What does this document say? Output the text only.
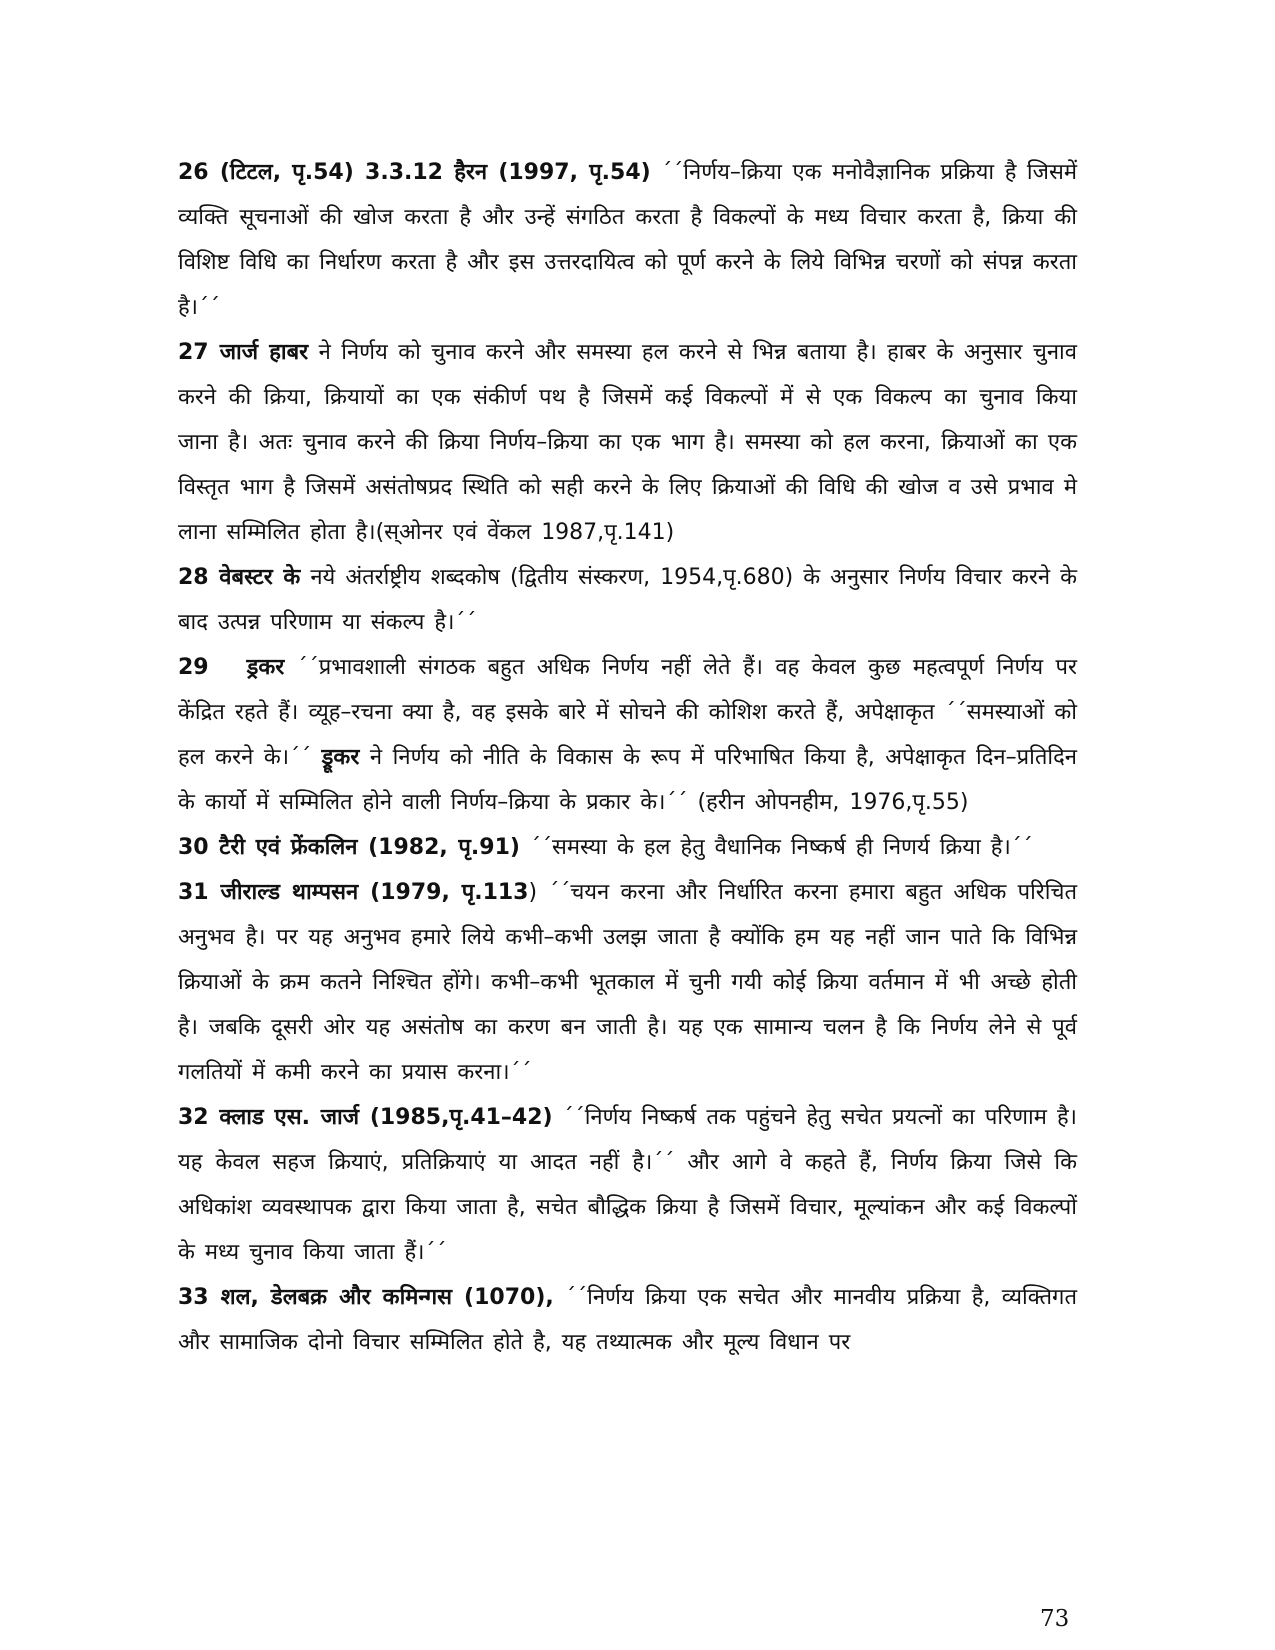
26 (टिटल, पृ.54) 3.3.12 हैरन (1997, पृ.54) ´´निर्णय–क्रिया एक मनोवैज्ञानिक प्रक्रिया है जिसमें व्यक्ति सूचनाओं की खोज करता है और उन्हें संगठित करता है विकल्पों के मध्य विचार करता है, क्रिया की विशिष्ट विधि का निर्धारण करता है और इस उत्तरदायित्व को पूर्ण करने के लिये विभिन्न चरणों को संपन्न करता है।´´

27 जार्ज हाबर ने निर्णय को चुनाव करने और समस्या हल करने से भिन्न बताया है। हाबर के अनुसार चुनाव करने की क्रिया, क्रियायों का एक संकीर्ण पथ है जिसमें कई विकल्पों में से एक विकल्प का चुनाव किया जाना है। अतः चुनाव करने की क्रिया निर्णय–क्रिया का एक भाग है। समस्या को हल करना, क्रियाओं का एक विस्तृत भाग है जिसमें असंतोषप्रद स्थिति को सही करने के लिए क्रियाओं की विधि की खोज व उसे प्रभाव मे लाना सम्मिलित होता है।(स्ओनर एवं वेंकल 1987,पृ.141)

28 वेबस्टर के नये अंतर्राष्ट्रीय शब्दकोष (द्वितीय संस्करण, 1954,पृ.680) के अनुसार निर्णय विचार करने के बाद उत्पन्न परिणाम या संकल्प है।´´

29 ड्रकर ´´प्रभावशाली संगठक बहुत अधिक निर्णय नहीं लेते हैं। वह केवल कुछ महत्वपूर्ण निर्णय पर केंद्रित रहते हैं। व्यूह–रचना क्या है, वह इसके बारे में सोचने की कोशिश करते हैं, अपेक्षाकृत ´´समस्याओं को हल करने के।´´ ड्रूकर ने निर्णय को नीति के विकास के रूप में परिभाषित किया है, अपेक्षाकृत दिन–प्रतिदिन के कार्यो में सम्मिलित होने वाली निर्णय–क्रिया के प्रकार के।´´ (हरीन ओपनहीम, 1976,पृ.55)

30 टैरी एवं फ्रेंकलिन (1982, पृ.91) ´´समस्या के हल हेतु वैधानिक निष्कर्ष ही निणर्य क्रिया है।´´

31 जीराल्ड थाम्पसन (1979, पृ.113) ´´चयन करना और निर्धारित करना हमारा बहुत अधिक परिचित अनुभव है। पर यह अनुभव हमारे लिये कभी–कभी उलझ जाता है क्योंकि हम यह नहीं जान पाते कि विभिन्न क्रियाओं के क्रम कतने निश्चित होंगे। कभी–कभी भूतकाल में चुनी गयी कोई क्रिया वर्तमान में भी अच्छे होती है। जबकि दूसरी ओर यह असंतोष का करण बन जाती है। यह एक सामान्य चलन है कि निर्णय लेने से पूर्व गलतियों में कमी करने का प्रयास करना।´´

32 क्लाड एस. जार्ज (1985,पृ.41–42) ´´निर्णय निष्कर्ष तक पहुंचने हेतु सचेत प्रयत्नों का परिणाम है। यह केवल सहज क्रियाएं, प्रतिक्रियाएं या आदत नहीं है।´´ और आगे वे कहते हैं, निर्णय क्रिया जिसे कि अधिकांश व्यवस्थापक द्वारा किया जाता है, सचेत बौद्धिक क्रिया है जिसमें विचार, मूल्यांकन और कई विकल्पों के मध्य चुनाव किया जाता हैं।´´

33 शल, डेलबक्र और कमिन्गस (1070), ´´निर्णय क्रिया एक सचेत और मानवीय प्रक्रिया है, व्यक्तिगत और सामाजिक दोनो विचार सम्मिलित होते है, यह तथ्यात्मक और मूल्य विधान पर

73
